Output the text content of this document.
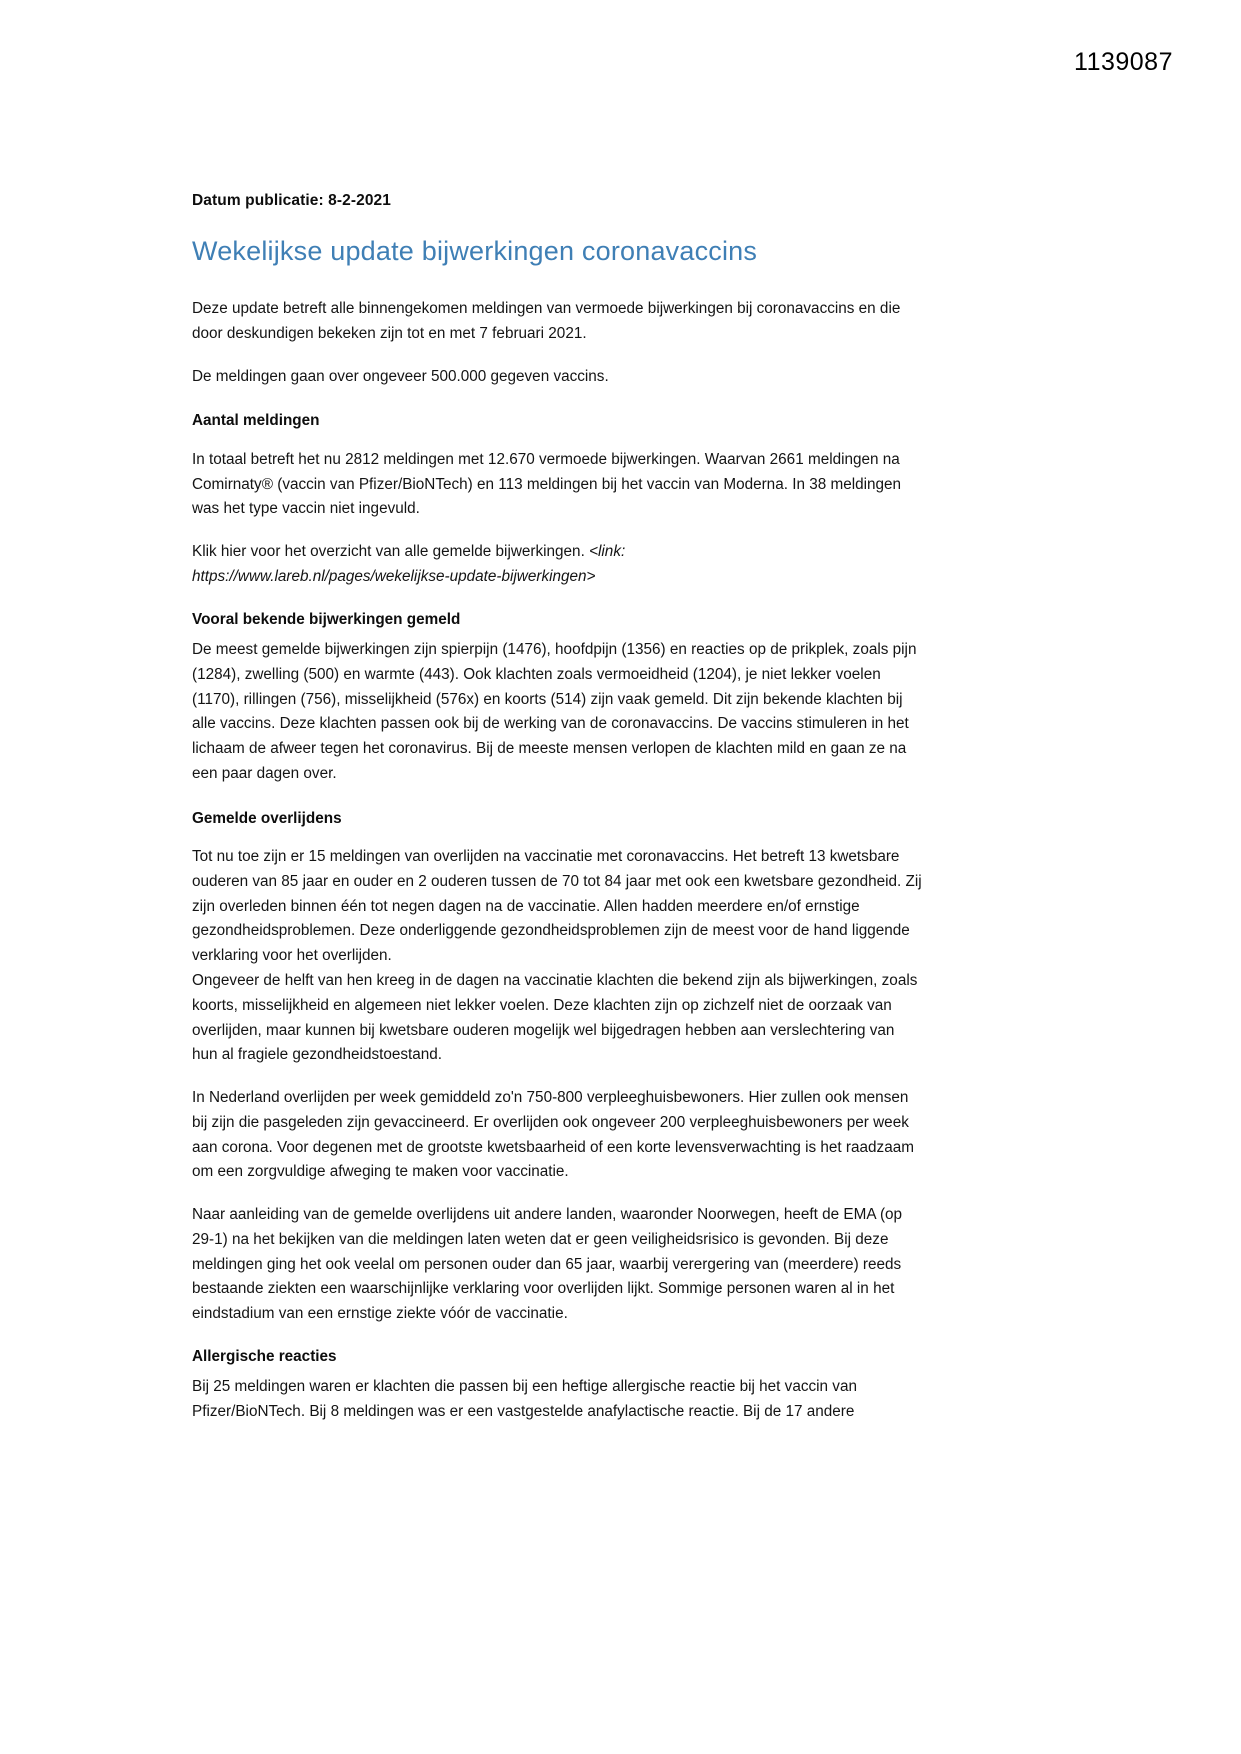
1139087

Datum publicatie: 8-2-2021

Wekelijkse update bijwerkingen coronavaccins

Deze update betreft alle binnengekomen meldingen van vermoede bijwerkingen bij coronavaccins en die door deskundigen bekeken zijn tot en met 7 februari 2021.

De meldingen gaan over ongeveer 500.000 gegeven vaccins.

Aantal meldingen

In totaal betreft het nu 2812 meldingen met 12.670 vermoede bijwerkingen. Waarvan 2661 meldingen na Comirnaty® (vaccin van Pfizer/BioNTech) en 113 meldingen bij het vaccin van Moderna. In 38 meldingen was het type vaccin niet ingevuld.

Klik hier voor het overzicht van alle gemelde bijwerkingen. <link:
https://www.lareb.nl/pages/wekelijkse-update-bijwerkingen>

Vooral bekende bijwerkingen gemeld

De meest gemelde bijwerkingen zijn spierpijn (1476), hoofdpijn (1356) en reacties op de prikplek, zoals pijn (1284), zwelling (500) en warmte (443). Ook klachten zoals vermoeidheid (1204), je niet lekker voelen (1170), rillingen (756), misselijkheid (576x) en koorts (514) zijn vaak gemeld. Dit zijn bekende klachten bij alle vaccins. Deze klachten passen ook bij de werking van de coronavaccins. De vaccins stimuleren in het lichaam de afweer tegen het coronavirus. Bij de meeste mensen verlopen de klachten mild en gaan ze na een paar dagen over.

Gemelde overlijdens

Tot nu toe zijn er 15 meldingen van overlijden na vaccinatie met coronavaccins. Het betreft 13 kwetsbare ouderen van 85 jaar en ouder en 2 ouderen tussen de 70 tot 84 jaar met ook een kwetsbare gezondheid. Zij zijn overleden binnen één tot negen dagen na de vaccinatie. Allen hadden meerdere en/of ernstige gezondheidsproblemen. Deze onderliggende gezondheidsproblemen zijn de meest voor de hand liggende verklaring voor het overlijden.

Ongeveer de helft van hen kreeg in de dagen na vaccinatie klachten die bekend zijn als bijwerkingen, zoals koorts, misselijkheid en algemeen niet lekker voelen. Deze klachten zijn op zichzelf niet de oorzaak van overlijden, maar kunnen bij kwetsbare ouderen mogelijk wel bijgedragen hebben aan verslechtering van hun al fragiele gezondheidstoestand.

In Nederland overlijden per week gemiddeld zo'n 750-800 verpleeghuisbewoners. Hier zullen ook mensen bij zijn die pasgeleden zijn gevaccineerd. Er overlijden ook ongeveer 200 verpleeghuisbewoners per week aan corona. Voor degenen met de grootste kwetsbaarheid of een korte levensverwachting is het raadzaam om een zorgvuldige afweging te maken voor vaccinatie.

Naar aanleiding van de gemelde overlijdens uit andere landen, waaronder Noorwegen, heeft de EMA (op 29-1) na het bekijken van die meldingen laten weten dat er geen veiligheidsrisico is gevonden. Bij deze meldingen ging het ook veelal om personen ouder dan 65 jaar, waarbij verergering van (meerdere) reeds bestaande ziekten een waarschijnlijke verklaring voor overlijden lijkt. Sommige personen waren al in het eindstadium van een ernstige ziekte vóór de vaccinatie.

Allergische reacties

Bij 25 meldingen waren er klachten die passen bij een heftige allergische reactie bij het vaccin van Pfizer/BioNTech. Bij 8 meldingen was er een vastgestelde anafylactische reactie. Bij de 17 andere
